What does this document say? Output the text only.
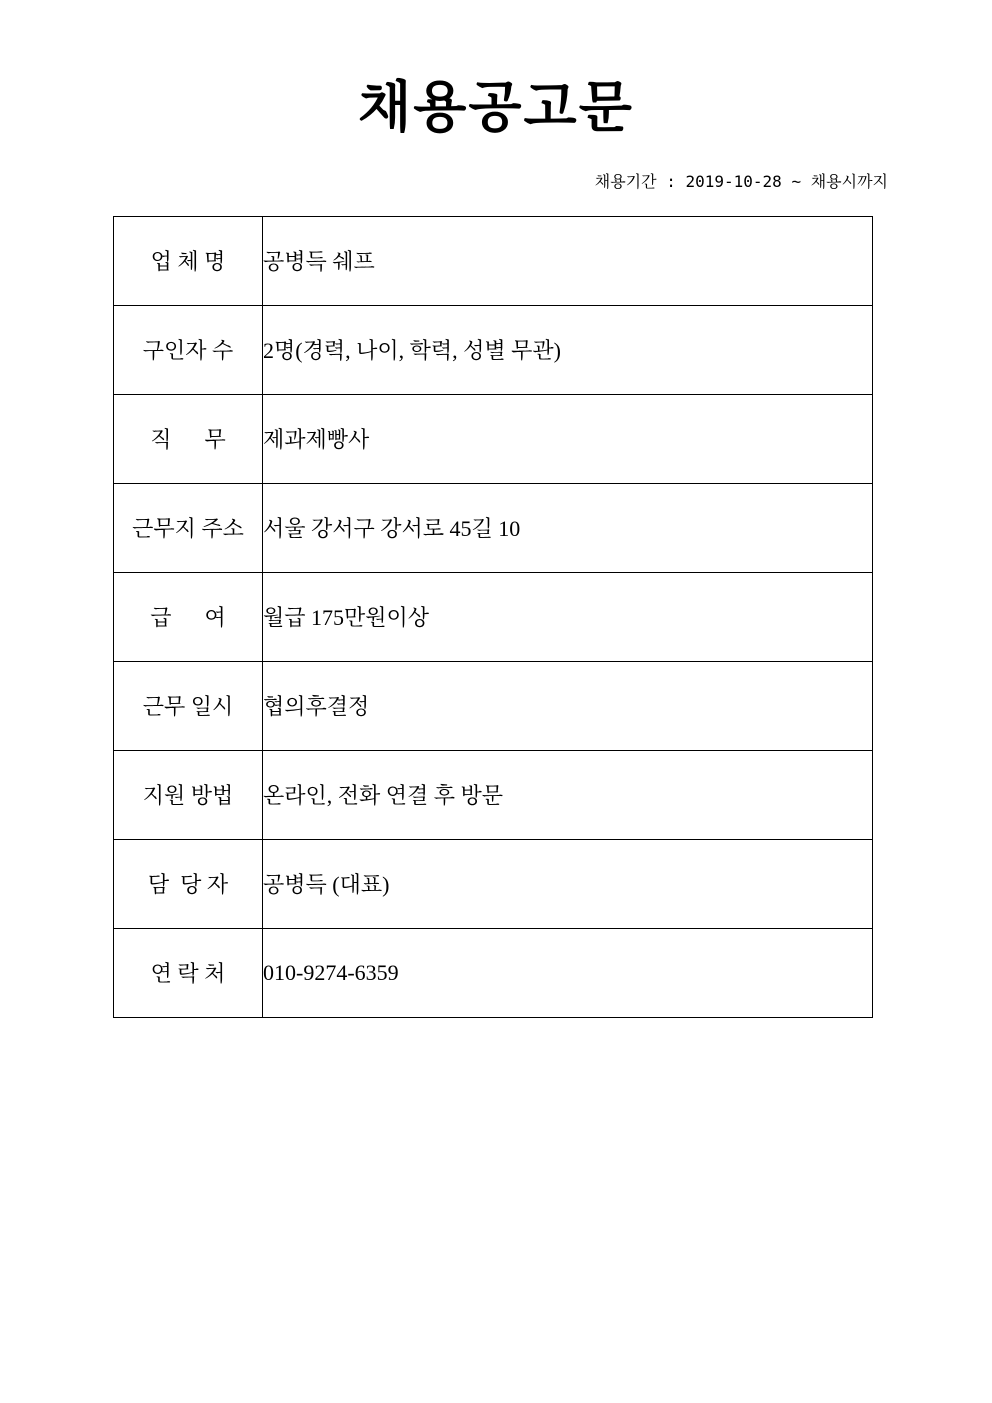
채용공고문

채용기간 : 2019-10-28 ~ 채용시까지

업 체 명	공병득 쉐프

구인자 수	2명(경력, 나이, 학력, 성별 무관)

직      무	제과제빵사

근무지 주소	서울 강서구 강서로 45길 10

급      여	월급 175만원이상

근무 일시	협의후결정

지원 방법	온라인, 전화 연결 후 방문

담  당 자	공병득 (대표)

연 락 처	010-9274-6359
